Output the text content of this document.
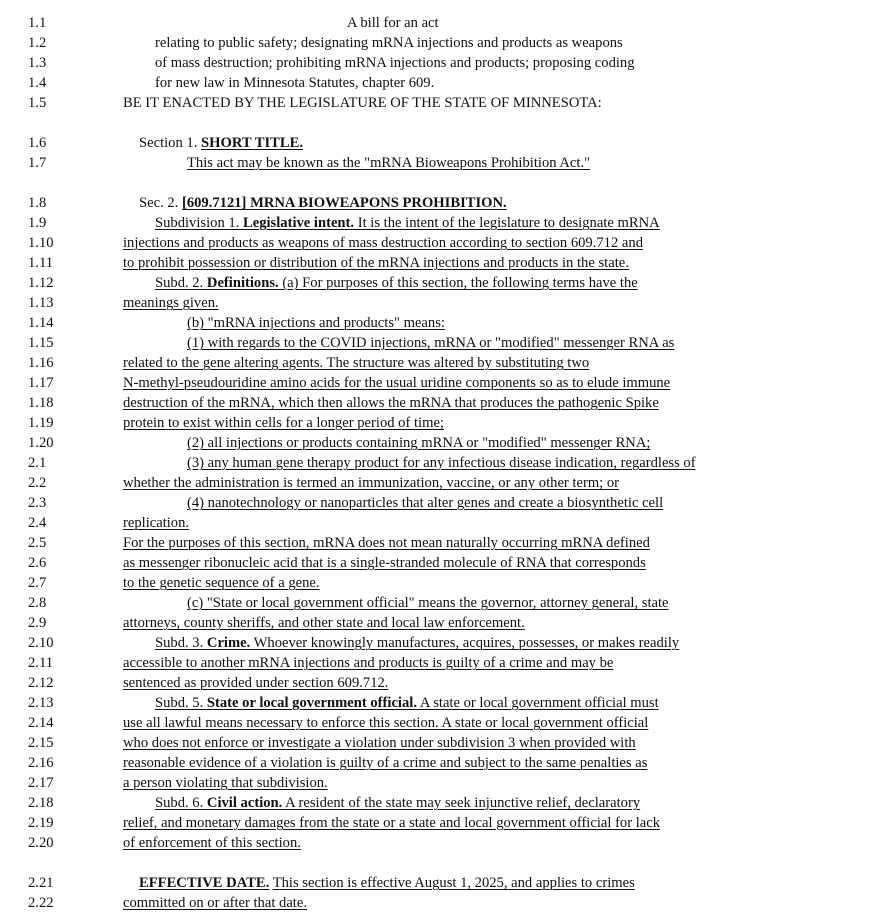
1.1	A bill for an act
1.2	relating to public safety; designating mRNA injections and products as weapons
1.3	of mass destruction; prohibiting mRNA injections and products; proposing coding
1.4	for new law in Minnesota Statutes, chapter 609.
1.5	BE IT ENACTED BY THE LEGISLATURE OF THE STATE OF MINNESOTA:
1.6	Section 1. SHORT TITLE.
1.7	This act may be known as the "mRNA Bioweapons Prohibition Act."
1.8	Sec. 2. [609.7121] MRNA BIOWEAPONS PROHIBITION.
1.9	Subdivision 1. Legislative intent. It is the intent of the legislature to designate mRNA
1.10	injections and products as weapons of mass destruction according to section 609.712 and
1.11	to prohibit possession or distribution of the mRNA injections and products in the state.
1.12	Subd. 2. Definitions. (a) For purposes of this section, the following terms have the
1.13	meanings given.
1.14	(b) "mRNA injections and products" means:
1.15	(1) with regards to the COVID injections, mRNA or "modified" messenger RNA as
1.16	related to the gene altering agents. The structure was altered by substituting two
1.17	N-methyl-pseudouridine amino acids for the usual uridine components so as to elude immune
1.18	destruction of the mRNA, which then allows the mRNA that produces the pathogenic Spike
1.19	protein to exist within cells for a longer period of time;
1.20	(2) all injections or products containing mRNA or "modified" messenger RNA;
2.1	(3) any human gene therapy product for any infectious disease indication, regardless of
2.2	whether the administration is termed an immunization, vaccine, or any other term; or
2.3	(4) nanotechnology or nanoparticles that alter genes and create a biosynthetic cell
2.4	replication.
2.5	For the purposes of this section, mRNA does not mean naturally occurring mRNA defined
2.6	as messenger ribonucleic acid that is a single-stranded molecule of RNA that corresponds
2.7	to the genetic sequence of a gene.
2.8	(c) "State or local government official" means the governor, attorney general, state
2.9	attorneys, county sheriffs, and other state and local law enforcement.
2.10	Subd. 3. Crime. Whoever knowingly manufactures, acquires, possesses, or makes readily
2.11	accessible to another mRNA injections and products is guilty of a crime and may be
2.12	sentenced as provided under section 609.712.
2.13	Subd. 5. State or local government official. A state or local government official must
2.14	use all lawful means necessary to enforce this section. A state or local government official
2.15	who does not enforce or investigate a violation under subdivision 3 when provided with
2.16	reasonable evidence of a violation is guilty of a crime and subject to the same penalties as
2.17	a person violating that subdivision.
2.18	Subd. 6. Civil action. A resident of the state may seek injunctive relief, declaratory
2.19	relief, and monetary damages from the state or a state and local government official for lack
2.20	of enforcement of this section.
2.21	EFFECTIVE DATE. This section is effective August 1, 2025, and applies to crimes
2.22	committed on or after that date.
